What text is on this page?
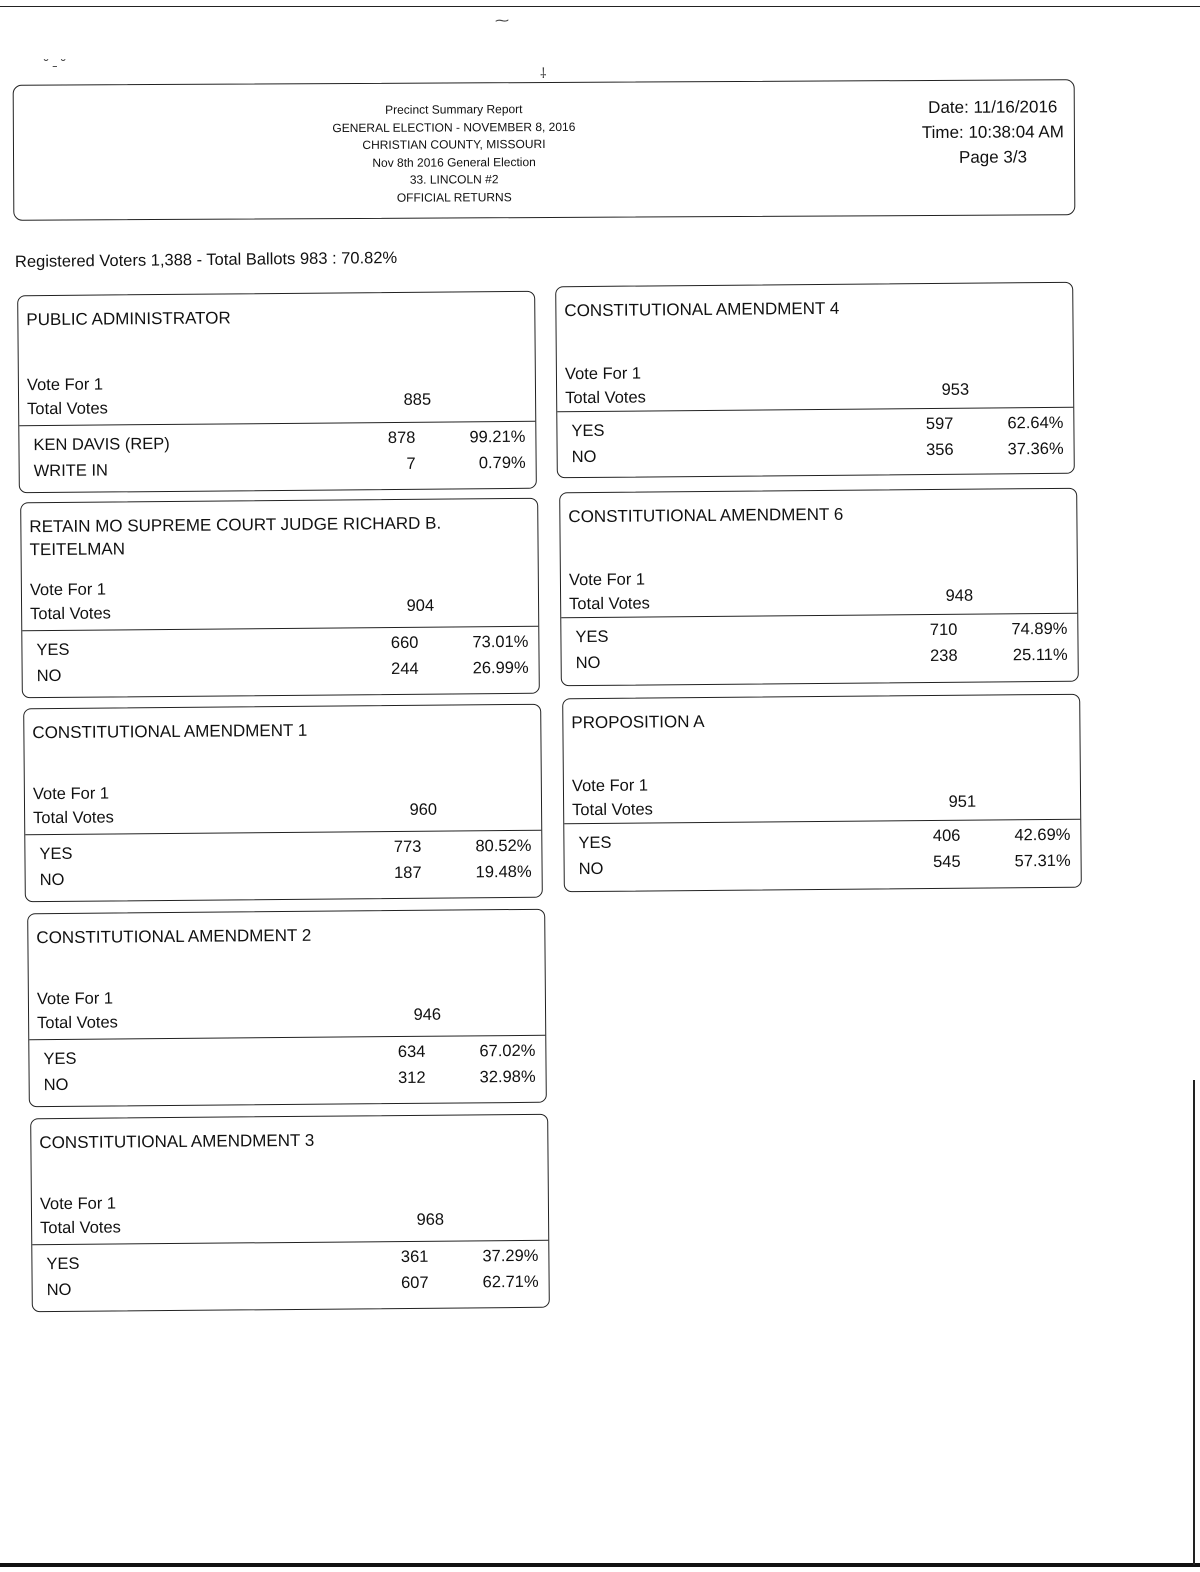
⁓
˘ ˗ ˘
⸸
Precinct Summary Report
GENERAL ELECTION - NOVEMBER 8, 2016
CHRISTIAN COUNTY, MISSOURI
Nov 8th 2016 General Election
33. LINCOLN #2
OFFICIAL RETURNS
Date: 11/16/2016
Time: 10:38:04 AM
Page 3/3
Registered Voters 1,388 - Total Ballots 983 : 70.82%
PUBLIC ADMINISTRATOR
Vote For 1
Total Votes	885
KEN DAVIS (REP)	878	99.21%
WRITE IN	7	0.79%
RETAIN MO SUPREME COURT JUDGE RICHARD B. TEITELMAN
Vote For 1
Total Votes	904
YES	660	73.01%
NO	244	26.99%
CONSTITUTIONAL AMENDMENT 1
Vote For 1
Total Votes	960
YES	773	80.52%
NO	187	19.48%
CONSTITUTIONAL AMENDMENT 2
Vote For 1
Total Votes	946
YES	634	67.02%
NO	312	32.98%
CONSTITUTIONAL AMENDMENT 3
Vote For 1
Total Votes	968
YES	361	37.29%
NO	607	62.71%
CONSTITUTIONAL AMENDMENT 4
Vote For 1
Total Votes	953
YES	597	62.64%
NO	356	37.36%
CONSTITUTIONAL AMENDMENT 6
Vote For 1
Total Votes	948
YES	710	74.89%
NO	238	25.11%
PROPOSITION A
Vote For 1
Total Votes	951
YES	406	42.69%
NO	545	57.31%
